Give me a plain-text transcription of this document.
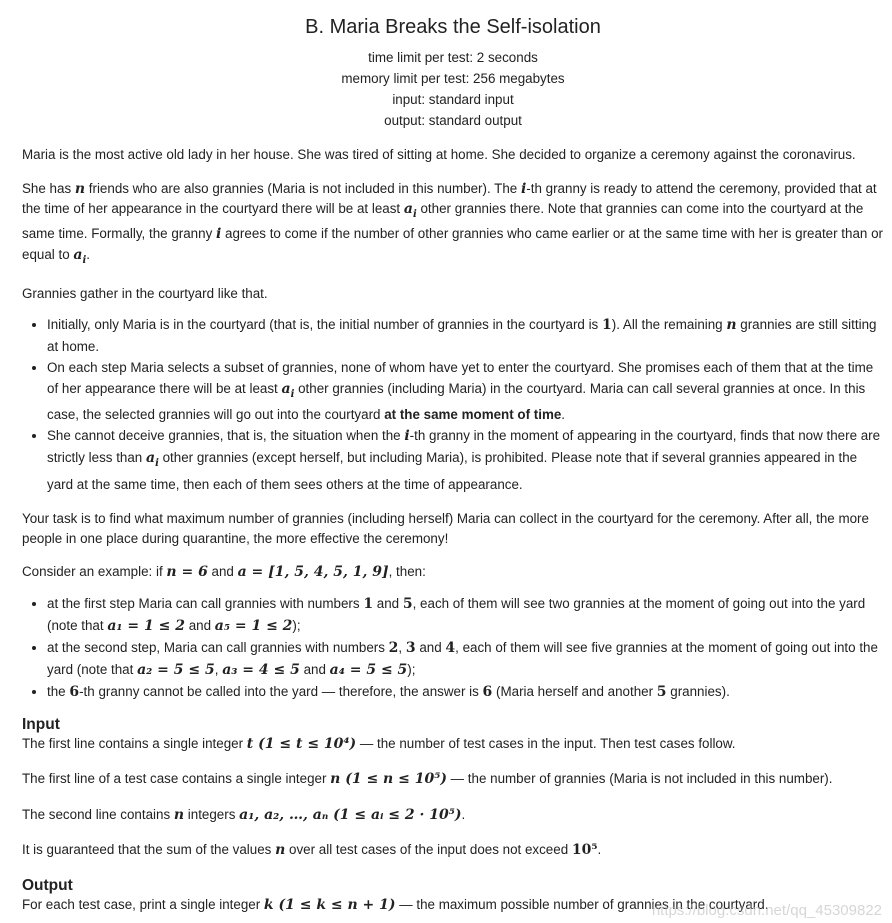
B. Maria Breaks the Self-isolation
time limit per test: 2 seconds
memory limit per test: 256 megabytes
input: standard input
output: standard output

Maria is the most active old lady in her house. She was tired of sitting at home. She decided to organize a ceremony against the coronavirus.

She has n friends who are also grannies (Maria is not included in this number). The i-th granny is ready to attend the ceremony, provided that at the time of her appearance in the courtyard there will be at least $a_i$ other grannies there. Note that grannies can come into the courtyard at the same time. Formally, the granny i agrees to come if the number of other grannies who came earlier or at the same time with her is greater than or equal to $a_i$.

Grannies gather in the courtyard like that.

• Initially, only Maria is in the courtyard (that is, the initial number of grannies in the courtyard is 1). All the remaining n grannies are still sitting at home.
• On each step Maria selects a subset of grannies, none of whom have yet to enter the courtyard. She promises each of them that at the time of her appearance there will be at least $a_i$ other grannies (including Maria) in the courtyard. Maria can call several grannies at once. In this case, the selected grannies will go out into the courtyard at the same moment of time.
• She cannot deceive grannies, that is, the situation when the i-th granny in the moment of appearing in the courtyard, finds that now there are strictly less than $a_i$ other grannies (except herself, but including Maria), is prohibited. Please note that if several grannies appeared in the yard at the same time, then each of them sees others at the time of appearance.

Your task is to find what maximum number of grannies (including herself) Maria can collect in the courtyard for the ceremony. After all, the more people in one place during quarantine, the more effective the ceremony!

Consider an example: if n = 6 and a = [1, 5, 4, 5, 1, 9], then:

• at the first step Maria can call grannies with numbers 1 and 5, each of them will see two grannies at the moment of going out into the yard (note that a₁ = 1 ≤ 2 and a₅ = 1 ≤ 2);
• at the second step, Maria can call grannies with numbers 2, 3 and 4, each of them will see five grannies at the moment of going out into the yard (note that a₂ = 5 ≤ 5, a₃ = 4 ≤ 5 and a₄ = 5 ≤ 5);
• the 6-th granny cannot be called into the yard — therefore, the answer is 6 (Maria herself and another 5 grannies).
Input

The first line contains a single integer t (1 ≤ t ≤ 10⁴) — the number of test cases in the input. Then test cases follow.

The first line of a test case contains a single integer n (1 ≤ n ≤ 10⁵) — the number of grannies (Maria is not included in this number).

The second line contains n integers a₁, a₂, …, aₙ (1 ≤ aᵢ ≤ 2 · 10⁵).

It is guaranteed that the sum of the values n over all test cases of the input does not exceed 10⁵.

Output

For each test case, print a single integer k (1 ≤ k ≤ n + 1) — the maximum possible number of grannies in the courtyard.

https://blog.csdn.net/qq_45309822
